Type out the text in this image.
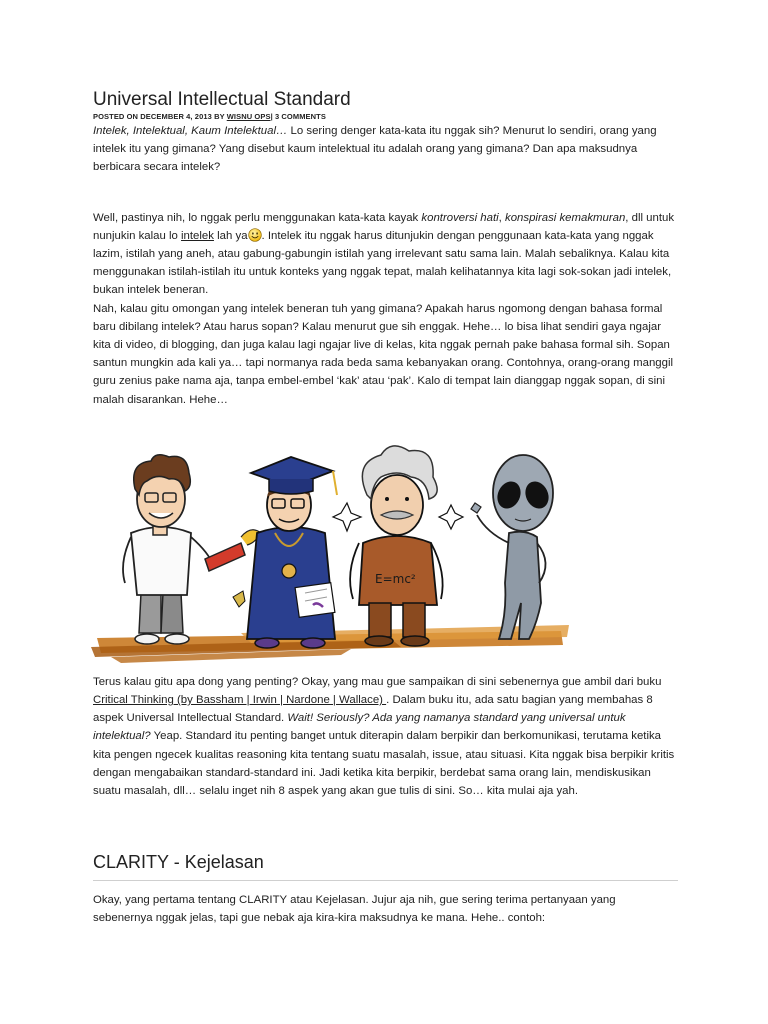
Universal Intellectual Standard
POSTED ON DECEMBER 4, 2013 BY WISNU OPS| 3 COMMENTS

Intelek, Intelektual, Kaum Intelektual… Lo sering denger kata-kata itu nggak sih? Menurut lo sendiri, orang yang intelek itu yang gimana? Yang disebut kaum intelektual itu adalah orang yang gimana? Dan apa maksudnya berbicara secara intelek?

Well, pastinya nih, lo nggak perlu menggunakan kata-kata kayak kontroversi hati, konspirasi kemakmuran, dll untuk nunjukin kalau lo intelek lah ya . Intelek itu nggak harus ditunjukin dengan penggunaan kata-kata yang nggak lazim, istilah yang aneh, atau gabung-gabungin istilah yang irrelevant satu sama lain. Malah sebaliknya. Kalau kita menggunakan istilah-istilah itu untuk konteks yang nggak tepat, malah kelihatannya kita lagi sok-sokan jadi intelek, bukan intelek beneran.

Nah, kalau gitu omongan yang intelek beneran tuh yang gimana? Apakah harus ngomong dengan bahasa formal baru dibilang intelek? Atau harus sopan? Kalau menurut gue sih enggak. Hehe… lo bisa lihat sendiri gaya ngajar kita di video, di blogging, dan juga kalau lagi ngajar live di kelas, kita nggak pernah pake bahasa formal sih. Sopan santun mungkin ada kali ya… tapi normanya rada beda sama kebanyakan orang. Contohnya, orang-orang manggil guru zenius pake nama aja, tanpa embel-embel ‘kak’ atau ‘pak’. Kalo di tempat lain dianggap nggak sopan, di sini malah disarankan. Hehe…

E=mc²

Terus kalau gitu apa dong yang penting? Okay, yang mau gue sampaikan di sini sebenernya gue ambil dari buku Critical Thinking (by Bassham | Irwin | Nardone | Wallace) . Dalam buku itu, ada satu bagian yang membahas 8 aspek Universal Intellectual Standard. Wait! Seriously? Ada yang namanya standard yang universal untuk intelektual? Yeap. Standard itu penting banget untuk diterapin dalam berpikir dan berkomunikasi, terutama ketika kita pengen ngecek kualitas reasoning kita tentang suatu masalah, issue, atau situasi. Kita nggak bisa berpikir kritis dengan mengabaikan standard-standard ini. Jadi ketika kita berpikir, berdebat sama orang lain, mendiskusikan suatu masalah, dll… selalu inget nih 8 aspek yang akan gue tulis di sini. So… kita mulai aja yah.

CLARITY - Kejelasan

Okay, yang pertama tentang CLARITY atau Kejelasan. Jujur aja nih, gue sering terima pertanyaan yang sebenernya nggak jelas, tapi gue nebak aja kira-kira maksudnya ke mana. Hehe.. contoh:
